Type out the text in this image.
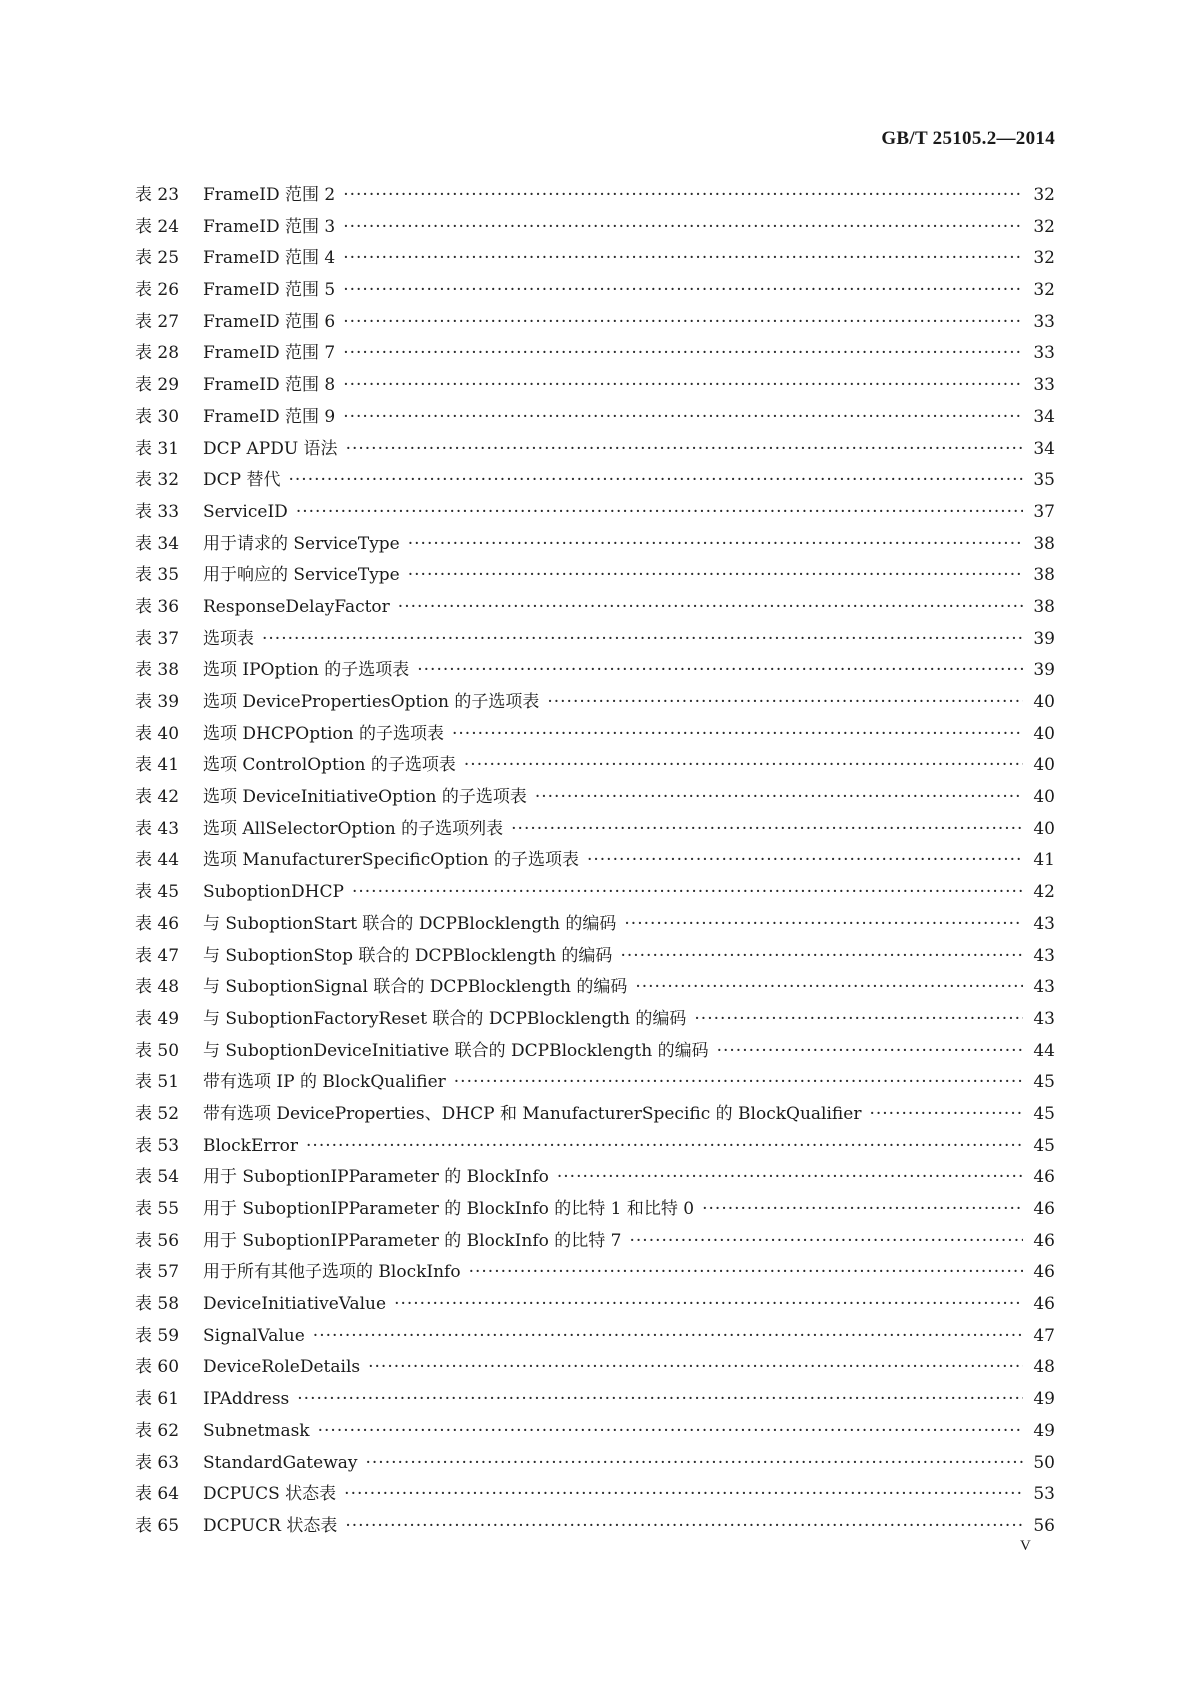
GB/T 25105.2—2014
表 23	FrameID 范围 2 ·····	32
表 24	FrameID 范围 3 ·····	32
表 25	FrameID 范围 4 ·····	32
表 26	FrameID 范围 5 ·····	32
表 27	FrameID 范围 6 ·····	33
表 28	FrameID 范围 7 ·····	33
表 29	FrameID 范围 8 ·····	33
表 30	FrameID 范围 9 ·····	34
表 31	DCP APDU 语法 ·····	34
表 32	DCP 替代 ·····	35
表 33	ServiceID ·····	37
表 34	用于请求的 ServiceType ·····	38
表 35	用于响应的 ServiceType ·····	38
表 36	ResponseDelayFactor ·····	38
表 37	选项表 ·····	39
表 38	选项 IPOption 的子选项表 ·····	39
表 39	选项 DevicePropertiesOption 的子选项表 ·····	40
表 40	选项 DHCPOption 的子选项表 ·····	40
表 41	选项 ControlOption 的子选项表 ·····	40
表 42	选项 DeviceInitiativeOption 的子选项表 ·····	40
表 43	选项 AllSelectorOption 的子选项列表 ·····	40
表 44	选项 ManufacturerSpecificOption 的子选项表 ·····	41
表 45	SuboptionDHCP ·····	42
表 46	与 SuboptionStart 联合的 DCPBlocklength 的编码 ·····	43
表 47	与 SuboptionStop 联合的 DCPBlocklength 的编码 ·····	43
表 48	与 SuboptionSignal 联合的 DCPBlocklength 的编码 ·····	43
表 49	与 SuboptionFactoryReset 联合的 DCPBlocklength 的编码 ·····	43
表 50	与 SuboptionDeviceInitiative 联合的 DCPBlocklength 的编码 ·····	44
表 51	带有选项 IP 的 BlockQualifier ·····	45
表 52	带有选项 DeviceProperties、DHCP 和 ManufacturerSpecific 的 BlockQualifier ·····	45
表 53	BlockError ·····	45
表 54	用于 SuboptionIPParameter 的 BlockInfo ·····	46
表 55	用于 SuboptionIPParameter 的 BlockInfo 的比特 1 和比特 0 ·····	46
表 56	用于 SuboptionIPParameter 的 BlockInfo 的比特 7 ·····	46
表 57	用于所有其他子选项的 BlockInfo ·····	46
表 58	DeviceInitiativeValue ·····	46
表 59	SignalValue ·····	47
表 60	DeviceRoleDetails ·····	48
表 61	IPAddress ·····	49
表 62	Subnetmask ·····	49
表 63	StandardGateway ·····	50
表 64	DCPUCS 状态表 ·····	53
表 65	DCPUCR 状态表 ·····	56
V
